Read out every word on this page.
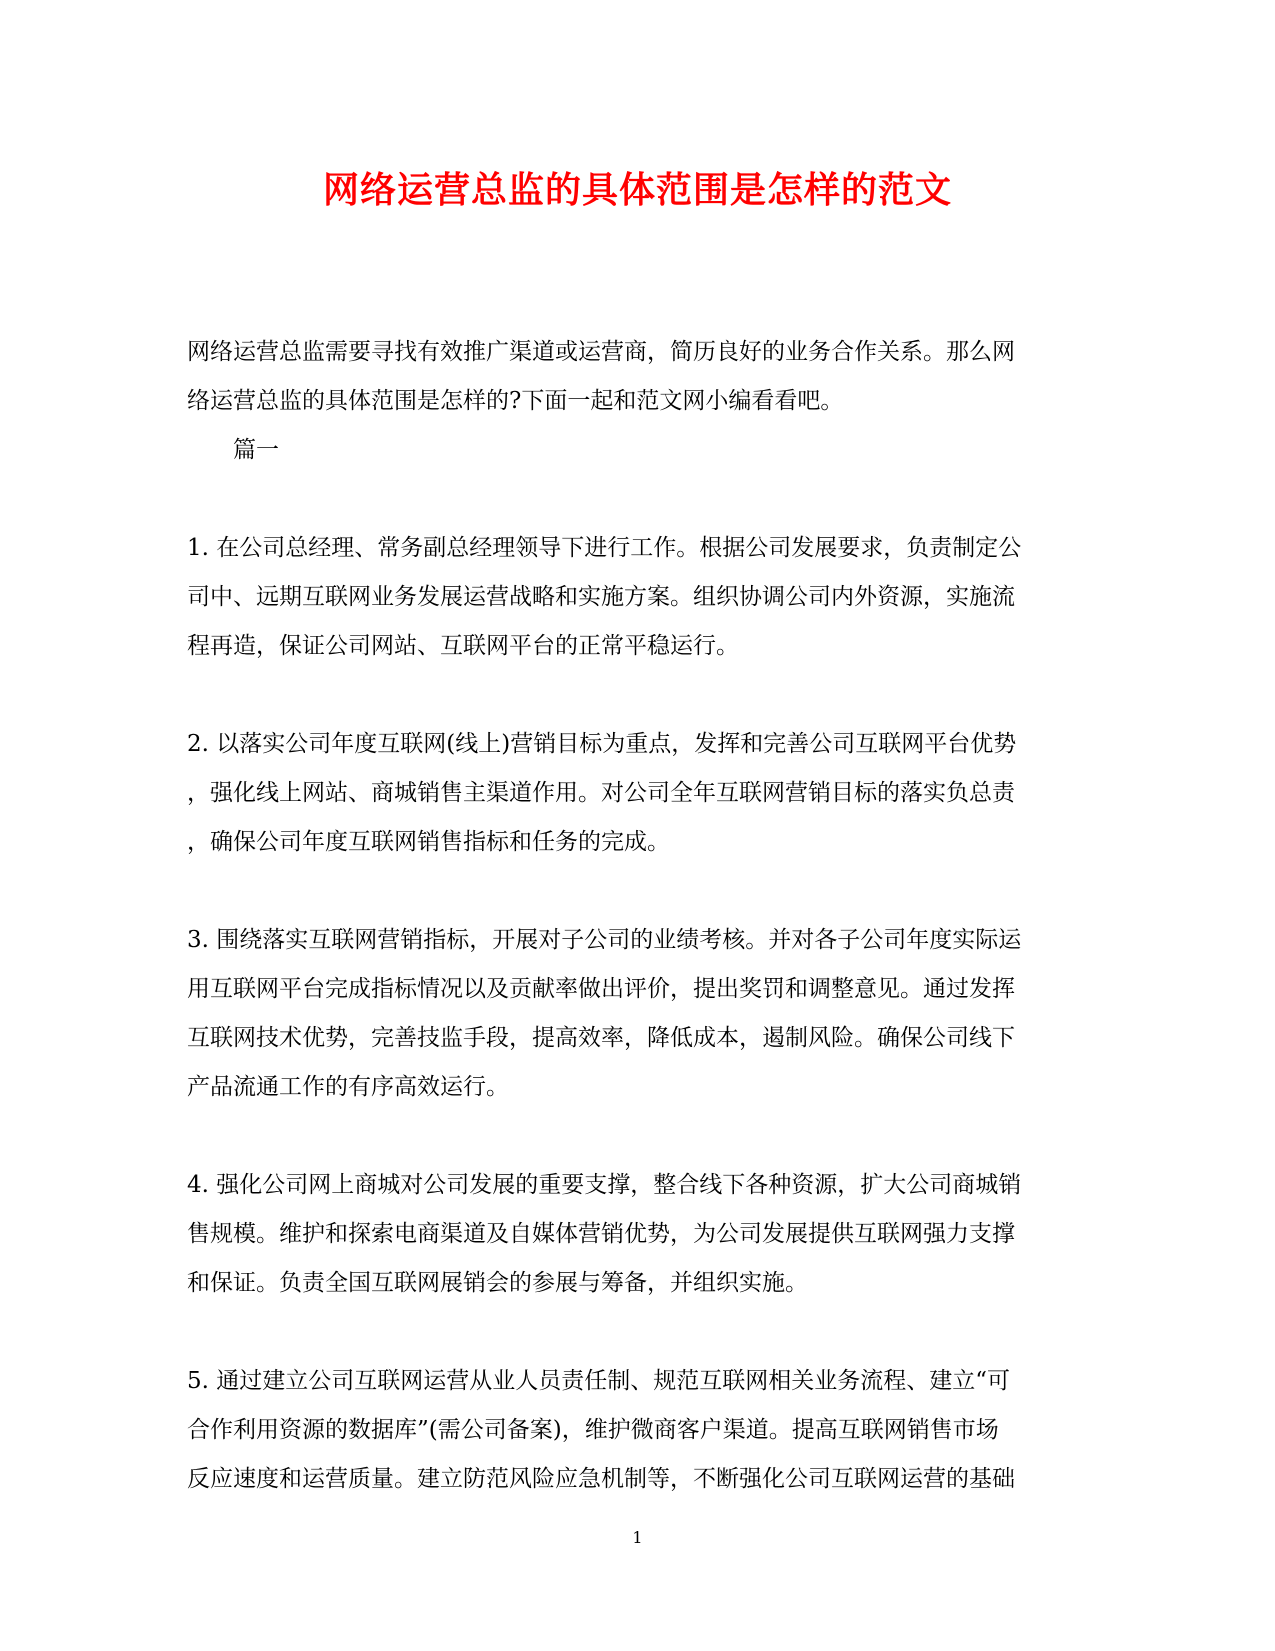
网络运营总监的具体范围是怎样的范文
网络运营总监需要寻找有效推广渠道或运营商，简历良好的业务合作关系。那么网
络运营总监的具体范围是怎样的?下面一起和范文网小编看看吧。
篇一
1. 在公司总经理、常务副总经理领导下进行工作。根据公司发展要求，负责制定公
司中、远期互联网业务发展运营战略和实施方案。组织协调公司内外资源，实施流
程再造，保证公司网站、互联网平台的正常平稳运行。
2. 以落实公司年度互联网(线上)营销目标为重点，发挥和完善公司互联网平台优势
，强化线上网站、商城销售主渠道作用。对公司全年互联网营销目标的落实负总责
，确保公司年度互联网销售指标和任务的完成。
3. 围绕落实互联网营销指标，开展对子公司的业绩考核。并对各子公司年度实际运
用互联网平台完成指标情况以及贡献率做出评价，提出奖罚和调整意见。通过发挥
互联网技术优势，完善技监手段，提高效率，降低成本，遏制风险。确保公司线下
产品流通工作的有序高效运行。
4. 强化公司网上商城对公司发展的重要支撑，整合线下各种资源，扩大公司商城销
售规模。维护和探索电商渠道及自媒体营销优势，为公司发展提供互联网强力支撑
和保证。负责全国互联网展销会的参展与筹备，并组织实施。
5. 通过建立公司互联网运营从业人员责任制、规范互联网相关业务流程、建立“可
合作利用资源的数据库”(需公司备案)，维护微商客户渠道。提高互联网销售市场
反应速度和运营质量。建立防范风险应急机制等，不断强化公司互联网运营的基础
1
